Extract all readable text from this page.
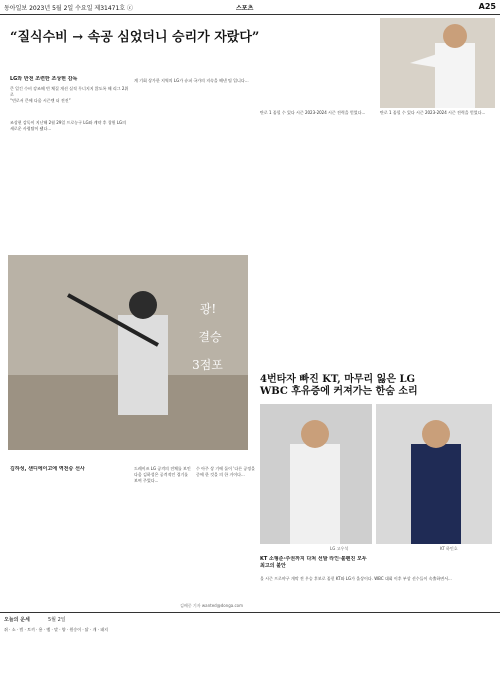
동아일보 2023년 5월 2일 수요일 제31471호 ⓒ	스포츠	A25
“질식수비 → 속공 심었더니 승리가 자랐다”
LG와 반전 조련한 조상현 감독
큰 일긴 수비 강조해 빈 체질 개선 실적 무너지지 않도록 해 리그 2위로
“빈로서 큰에 다음 시즌엔 더 전진”
조상현 감독이 지난해 2월 29일 프로농구 LG와 계약 후 창원 LG의 새로운 사령탑이 됐다...
계 기회 상가한 지역의 LG가 슈퍼 국가의 지속을 해낸 팀 입니다...
탄로 1 꼽힐 수 있다 시즌 2023-2024 시즌 전력을 얻었다...	탄로 1 꼽힐 수 있다 시즌 2023-2024 시즌 전력을 얻었다...
광!
결승
3점포
LG 고우석	KT 하민호
4번타자 빠진 KT, 마무리 잃은 LG
WBC 후유증에 커져가는 한숨 소리
KT 소형준·주권까지 다쳐 선발 라인·불펜진 모두 최고의 불안
올 시즌 프로야구 개막 전 우승 후보로 꼽힌 KT와 LG가 울상이다. WBC 대회 이후 부상 선수들이 속출하면서...
김하성, 샌디에이고에 역전승 선사	드레이즈 LG 공격의 전체를 보인 다음 김하성은 공격적인 경기를 보여 주었다...
수 아주 상 기에 돌이 '다른 공정을 중에 한 것을 의 한 거이다...
김배중 기자 wanted@donga.com
오늘의 운세	5월 2일
쥐 · 소 · 범 · 토끼 · 용 · 뱀 · 말 · 양 · 원숭이 · 닭 · 개 · 돼지
